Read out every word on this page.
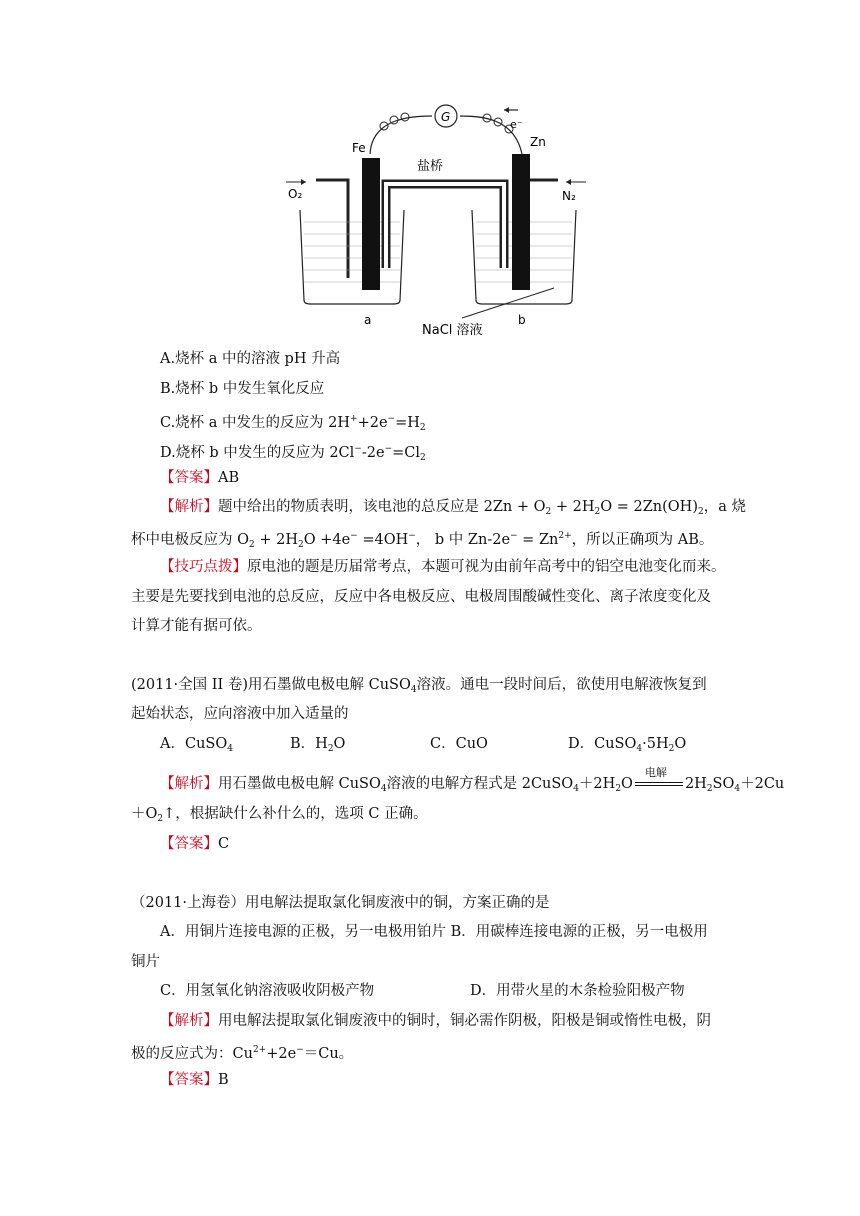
G
e⁻
Fe	Zn
盐桥
O₂	N₂
a	b
NaCl 溶液
A.烧杯 a 中的溶液 pH 升高
B.烧杯 b 中发生氧化反应
C.烧杯 a 中发生的反应为 $2H^++2e^-=H_2$
D.烧杯 b 中发生的反应为 $2Cl^--2e^-=Cl_2$
【答案】AB
【解析】题中给出的物质表明，该电池的总反应是 $2Zn + O_2 + 2H_2O = 2Zn(OH)_2$，a 烧
杯中电极反应为 $O_2 + 2H_2O +4e^- =4OH^-$， b 中 $Zn-2e^- = Zn^{2+}$，所以正确项为 AB。
【技巧点拨】原电池的题是历届常考点，本题可视为由前年高考中的铝空电池变化而来。
主要是先要找到电池的总反应，反应中各电极反应、电极周围酸碱性变化、离子浓度变化及
计算才能有据可依。
(2011·全国 II 卷)用石墨做电极电解 CuSO$_4$溶液。通电一段时间后，欲使用电解液恢复到
起始状态，应向溶液中加入适量的
A．CuSO$_4$	B．$H_2O$	C．CuO	D．$CuSO_4\cdot 5H_2O$
【解析】用石墨做电极电解 CuSO$_4$溶液的电解方程式是 $2CuSO_4+2H_2O$
电解
$2H_2SO_4+2Cu$
$+O_2↑$，根据缺什么补什么的，选项 C 正确。
【答案】C
（2011·上海卷）用电解法提取氯化铜废液中的铜，方案正确的是
A．用铜片连接电源的正极，另一电极用铂片 B．用碳棒连接电源的正极，另一电极用
铜片
C．用氢氧化钠溶液吸收阴极产物	D．用带火星的木条检验阳极产物
【解析】用电解法提取氯化铜废液中的铜时，铜必需作阴极，阳极是铜或惰性电极，阴
极的反应式为：$Cu^{2+}+2e^-=Cu$。
【答案】B
